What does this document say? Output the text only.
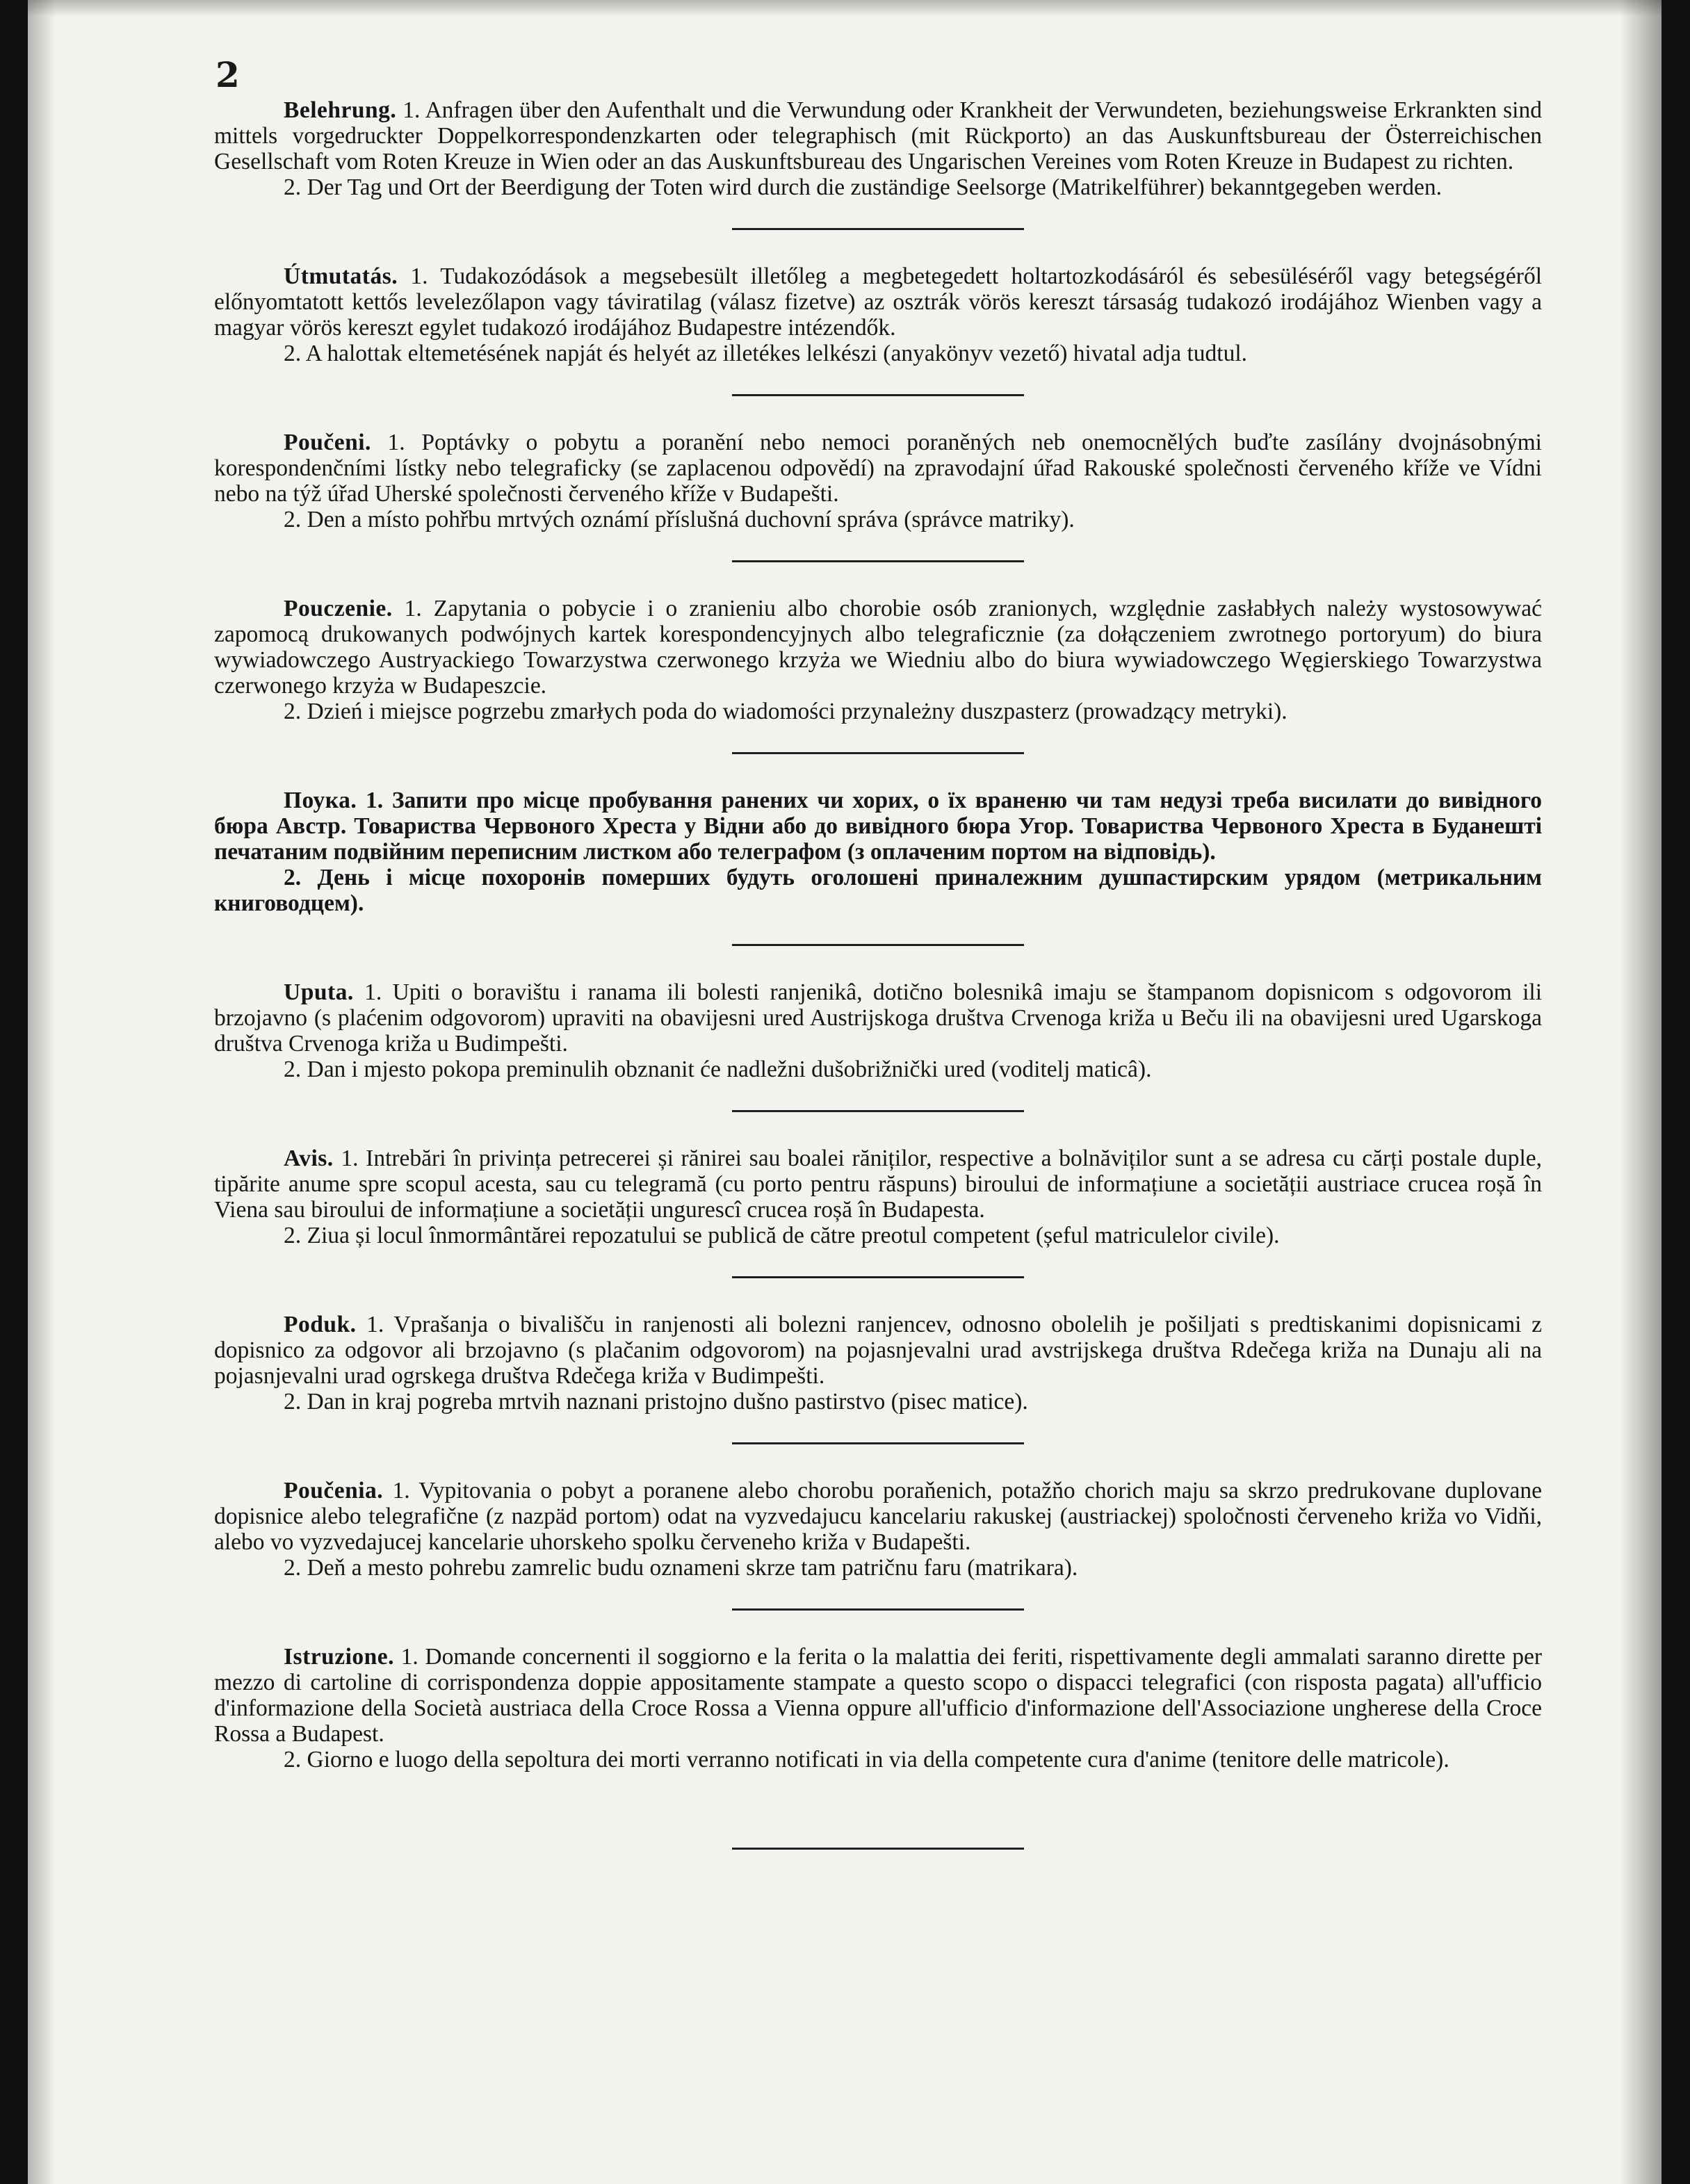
2

Belehrung. 1. Anfragen über den Aufenthalt und die Verwundung oder Krankheit der Verwundeten, beziehungsweise Erkrankten sind mittels vorgedruckter Doppelkorrespondenzkarten oder telegraphisch (mit Rückporto) an das Auskunftsbureau der Österreichischen Gesellschaft vom Roten Kreuze in Wien oder an das Auskunftsbureau des Ungarischen Vereines vom Roten Kreuze in Budapest zu richten.

2. Der Tag und Ort der Beerdigung der Toten wird durch die zuständige Seelsorge (Matrikelführer) bekanntgegeben werden.

Útmutatás. 1. Tudakozódások a megsebesült illetőleg a megbetegedett holtartozkodásáról és sebesüléséről vagy betegségéről előnyomtatott kettős levelezőlapon vagy táviratilag (válasz fizetve) az osztrák vörös kereszt társaság tudakozó irodájához Wienben vagy a magyar vörös kereszt egylet tudakozó irodájához Budapestre intézendők.

2. A halottak eltemetésének napját és helyét az illetékes lelkészi (anyakönyv vezető) hivatal adja tudtul.

Poučeni. 1. Poptávky o pobytu a poranění nebo nemoci poraněných neb onemocnělých buďte zasílány dvojnásobnými korespondenčními lístky nebo telegraficky (se zaplacenou odpovědí) na zpravodajní úřad Rakouské společnosti červeného kříže ve Vídni nebo na týž úřad Uherské společnosti červeného kříže v Budapešti.

2. Den a místo pohřbu mrtvých oznámí příslušná duchovní správa (správce matriky).

Pouczenie. 1. Zapytania o pobycie i o zranieniu albo chorobie osób zranionych, względnie zasłabłych należy wystosowywać zapomocą drukowanych podwójnych kartek korespondencyjnych albo telegraficznie (za dołączeniem zwrotnego portoryum) do biura wywiadowczego Austryackiego Towarzystwa czerwonego krzyża we Wiedniu albo do biura wywiadowczego Węgierskiego Towarzystwa czerwonego krzyża w Budapeszcie.

2. Dzień i miejsce pogrzebu zmarłych poda do wiadomości przynależny duszpasterz (prowadzący metryki).

Поука. 1. Запити про місце пробування ранених чи хорих, о їх враненю чи там недузі треба висилати до вивідного бюра Австр. Товариства Червоного Хреста у Відни або до вивідного бюра Угор. Товариства Червоного Хреста в Буданешті печатаним подвійним переписним листком або телеграфом (з оплаченим портом на відповідь).

2. День і місце похоронів померших будуть оголошені приналежним душпастирским урядом (метрикальним книговодцем).

Uputa. 1. Upiti o boravištu i ranama ili bolesti ranjenikâ, dotično bolesnikâ imaju se štampanom dopisnicom s odgovorom ili brzojavno (s plaćenim odgovorom) upraviti na obavijesni ured Austrijskoga društva Crvenoga križa u Beču ili na obavijesni ured Ugarskoga društva Crvenoga križa u Budimpešti.

2. Dan i mjesto pokopa preminulih obznanit će nadležni dušobrižnički ured (voditelj maticâ).

Avis. 1. Intrebări în privința petrecerei și rănirei sau boalei răniților, respective a bolnăviților sunt a se adresa cu cărți postale duple, tipărite anume spre scopul acesta, sau cu telegramă (cu porto pentru răspuns) biroului de informațiune a societății austriace crucea roșă în Viena sau biroului de informațiune a societății ungurescî crucea roșă în Budapesta.

2. Ziua și locul înmormântărei repozatului se publică de către preotul competent (șeful matriculelor civile).

Poduk. 1. Vprašanja o bivališču in ranjenosti ali bolezni ranjencev, odnosno obolelih je pošiljati s predtiskanimi dopisnicami z dopisnico za odgovor ali brzojavno (s plačanim odgovorom) na pojasnjevalni urad avstrijskega društva Rdečega križa na Dunaju ali na pojasnjevalni urad ogrskega društva Rdečega križa v Budimpešti.

2. Dan in kraj pogreba mrtvih naznani pristojno dušno pastirstvo (pisec matice).

Poučenia. 1. Vypitovania o pobyt a poranene alebo chorobu poraňenich, potažňo chorich maju sa skrzo predrukovane duplovane dopisnice alebo telegrafične (z nazpäd portom) odat na vyzvedajucu kancelariu rakuskej (austriackej) spoločnosti červeneho križa vo Vidňi, alebo vo vyzvedajucej kancelarie uhorskeho spolku červeneho križa v Budapešti.

2. Deň a mesto pohrebu zamrelic budu oznameni skrze tam patričnu faru (matrikara).

Istruzione. 1. Domande concernenti il soggiorno e la ferita o la malattia dei feriti, rispettivamente degli ammalati saranno dirette per mezzo di cartoline di corrispondenza doppie appositamente stampate a questo scopo o dispacci telegrafici (con risposta pagata) all'ufficio d'informazione della Società austriaca della Croce Rossa a Vienna oppure all'ufficio d'informazione dell'Associazione ungherese della Croce Rossa a Budapest.

2. Giorno e luogo della sepoltura dei morti verranno notificati in via della competente cura d'anime (tenitore delle matricole).
